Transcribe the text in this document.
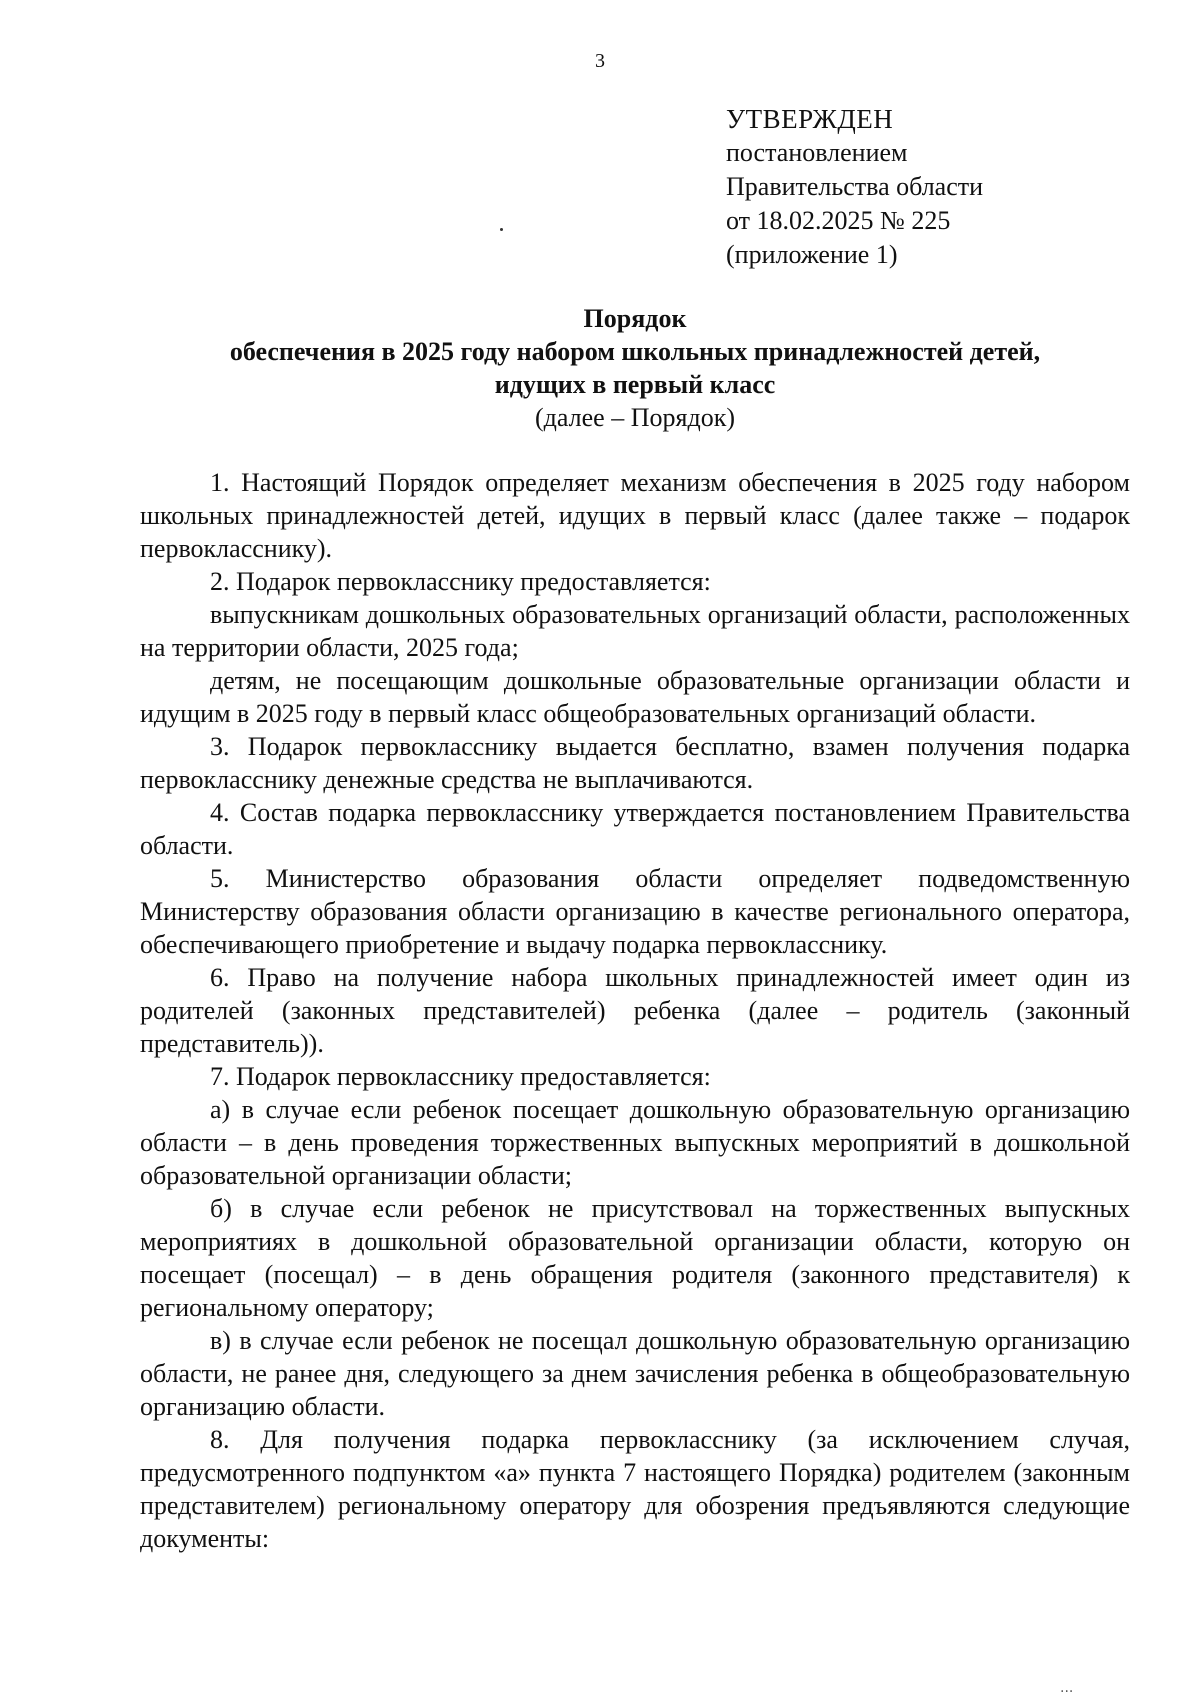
3
УТВЕРЖДЕН
постановлением
Правительства области
от 18.02.2025 № 225
(приложение 1)
Порядок
обеспечения в 2025 году набором школьных принадлежностей детей,
идущих в первый класс
(далее – Порядок)

1. Настоящий Порядок определяет механизм обеспечения в 2025 году набором школьных принадлежностей детей, идущих в первый класс (далее также – подарок первокласснику).

2. Подарок первокласснику предоставляется:

выпускникам дошкольных образовательных организаций области, расположенных на территории области, 2025 года;

детям, не посещающим дошкольные образовательные организации области и идущим в 2025 году в первый класс общеобразовательных организаций области.

3. Подарок первокласснику выдается бесплатно, взамен получения подарка первокласснику денежные средства не выплачиваются.

4. Состав подарка первокласснику утверждается постановлением Правительства области.

5. Министерство образования области определяет подведомственную Министерству образования области организацию в качестве регионального оператора, обеспечивающего приобретение и выдачу подарка первокласснику.

6. Право на получение набора школьных принадлежностей имеет один из родителей (законных представителей) ребенка (далее – родитель (законный представитель)).

7. Подарок первокласснику предоставляется:

а) в случае если ребенок посещает дошкольную образовательную организацию области – в день проведения торжественных выпускных мероприятий в дошкольной образовательной организации области;

б) в случае если ребенок не присутствовал на торжественных выпускных мероприятиях в дошкольной образовательной организации области, которую он посещает (посещал) – в день обращения родителя (законного представителя) к региональному оператору;

в) в случае если ребенок не посещал дошкольную образовательную организацию области, не ранее дня, следующего за днем зачисления ребенка в общеобразовательную организацию области.

8. Для получения подарка первокласснику (за исключением случая, предусмотренного подпунктом «а» пункта 7 настоящего Порядка) родителем (законным представителем) региональному оператору для обозрения предъявляются следующие документы:

...
